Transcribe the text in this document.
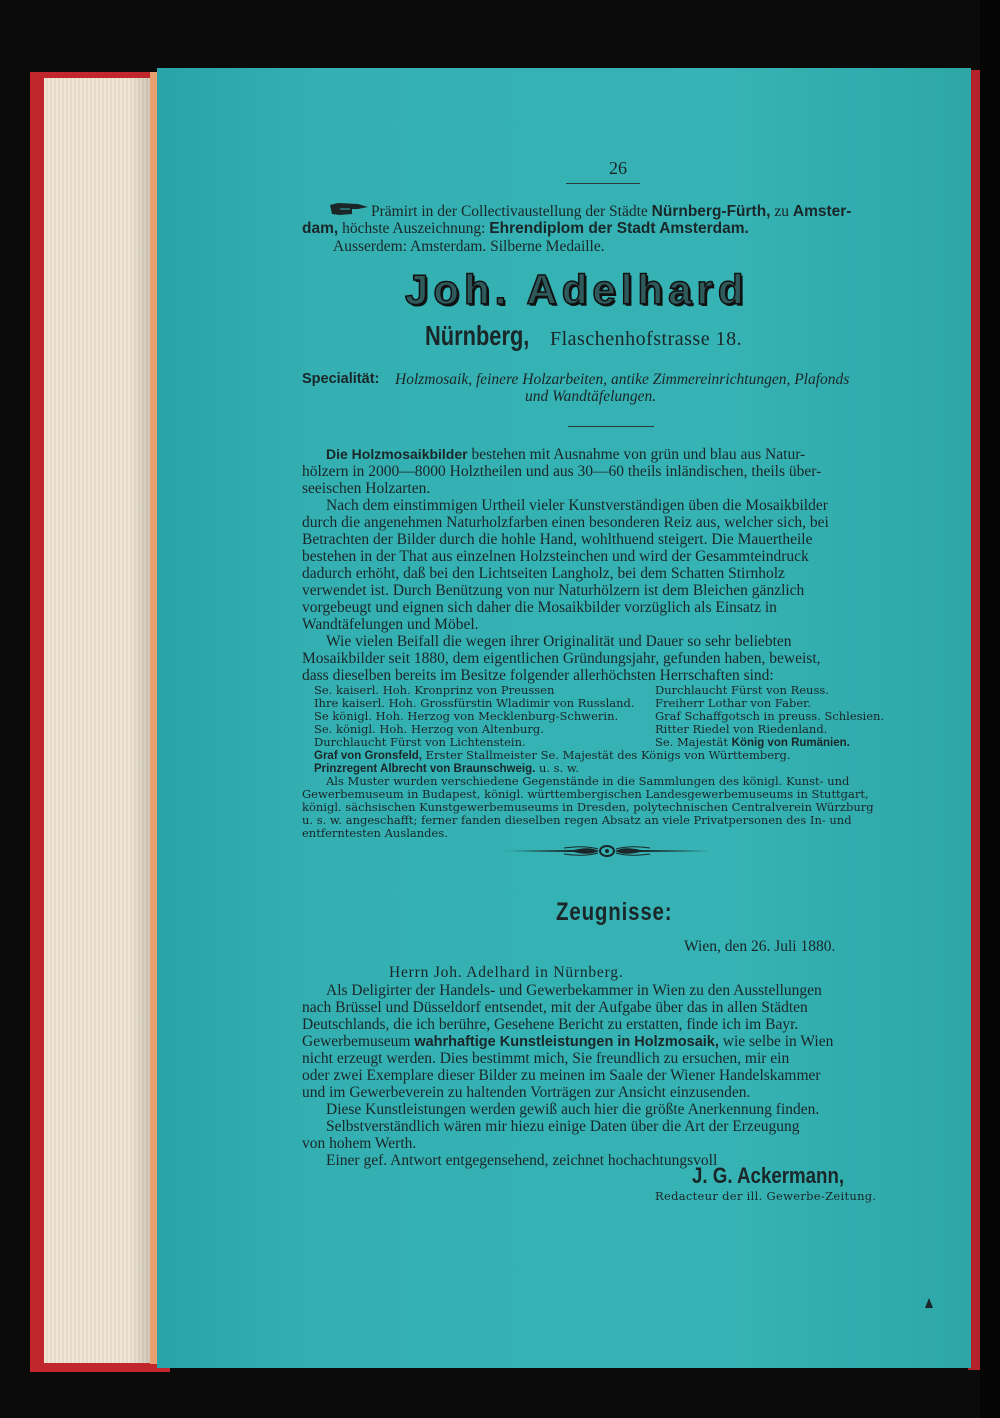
26
Prämirt in der Collectivaustellung der Städte Nürnberg-Fürth, zu Amster-
dam, höchste Auszeichnung: Ehrendiplom der Stadt Amsterdam.
Ausserdem: Amsterdam. Silberne Medaille.
Joh. Adelhard
Nürnberg, Flaschenhofstrasse 18.
Specialität: Holzmosaik, feinere Holzarbeiten, antike Zimmereinrichtungen, Plafonds
und Wandtäfelungen.
Die Holzmosaikbilder bestehen mit Ausnahme von grün und blau aus Natur-
hölzern in 2000—8000 Holztheilen und aus 30—60 theils inländischen, theils über-
seeischen Holzarten.
Nach dem einstimmigen Urtheil vieler Kunstverständigen üben die Mosaikbilder
durch die angenehmen Naturholzfarben einen besonderen Reiz aus, welcher sich, bei
Betrachten der Bilder durch die hohle Hand, wohlthuend steigert. Die Mauertheile
bestehen in der That aus einzelnen Holzsteinchen und wird der Gesammteindruck
dadurch erhöht, daß bei den Lichtseiten Langholz, bei dem Schatten Stirnholz
verwendet ist. Durch Benützung von nur Naturhölzern ist dem Bleichen gänzlich
vorgebeugt und eignen sich daher die Mosaikbilder vorzüglich als Einsatz in
Wandtäfelungen und Möbel.
Wie vielen Beifall die wegen ihrer Originalität und Dauer so sehr beliebten
Mosaikbilder seit 1880, dem eigentlichen Gründungsjahr, gefunden haben, beweist,
dass dieselben bereits im Besitze folgender allerhöchsten Herrschaften sind:
Se. kaiserl. Hoh. Kronprinz von Preussen
Ihre kaiserl. Hoh. Grossfürstin Wladimir von Russland.
Se königl. Hoh. Herzog von Mecklenburg-Schwerin.
Se. königl. Hoh. Herzog von Altenburg.
Durchlaucht Fürst von Lichtenstein.
Durchlaucht Fürst von Reuss.
Freiherr Lothar von Faber.
Graf Schaffgotsch in preuss. Schlesien.
Ritter Riedel von Riedenland.
Se. Majestät König von Rumänien.
Graf von Gronsfeld, Erster Stallmeister Se. Majestät des Königs von Württemberg.
Prinzregent Albrecht von Braunschweig. u. s. w.
Als Muster wurden verschiedene Gegenstände in die Sammlungen des königl. Kunst- und
Gewerbemuseum in Budapest, königl. württembergischen Landesgewerbemuseums in Stuttgart,
königl. sächsischen Kunstgewerbemuseums in Dresden, polytechnischen Centralverein Würzburg
u. s. w. angeschafft; ferner fanden dieselben regen Absatz an viele Privatpersonen des In- und
entferntesten Auslandes.
Zeugnisse:
Wien, den 26. Juli 1880.
Herrn Joh. Adelhard in Nürnberg.
Als Deligirter der Handels- und Gewerbekammer in Wien zu den Ausstellungen
nach Brüssel und Düsseldorf entsendet, mit der Aufgabe über das in allen Städten
Deutschlands, die ich berühre, Gesehene Bericht zu erstatten, finde ich im Bayr.
Gewerbemuseum wahrhaftige Kunstleistungen in Holzmosaik, wie selbe in Wien
nicht erzeugt werden. Dies bestimmt mich, Sie freundlich zu ersuchen, mir ein
oder zwei Exemplare dieser Bilder zu meinen im Saale der Wiener Handelskammer
und im Gewerbeverein zu haltenden Vorträgen zur Ansicht einzusenden.
Diese Kunstleistungen werden gewiß auch hier die größte Anerkennung finden.
Selbstverständlich wären mir hiezu einige Daten über die Art der Erzeugung
von hohem Werth.
Einer gef. Antwort entgegensehend, zeichnet hochachtungsvoll
J. G. Ackermann,
Redacteur der ill. Gewerbe-Zeitung.
